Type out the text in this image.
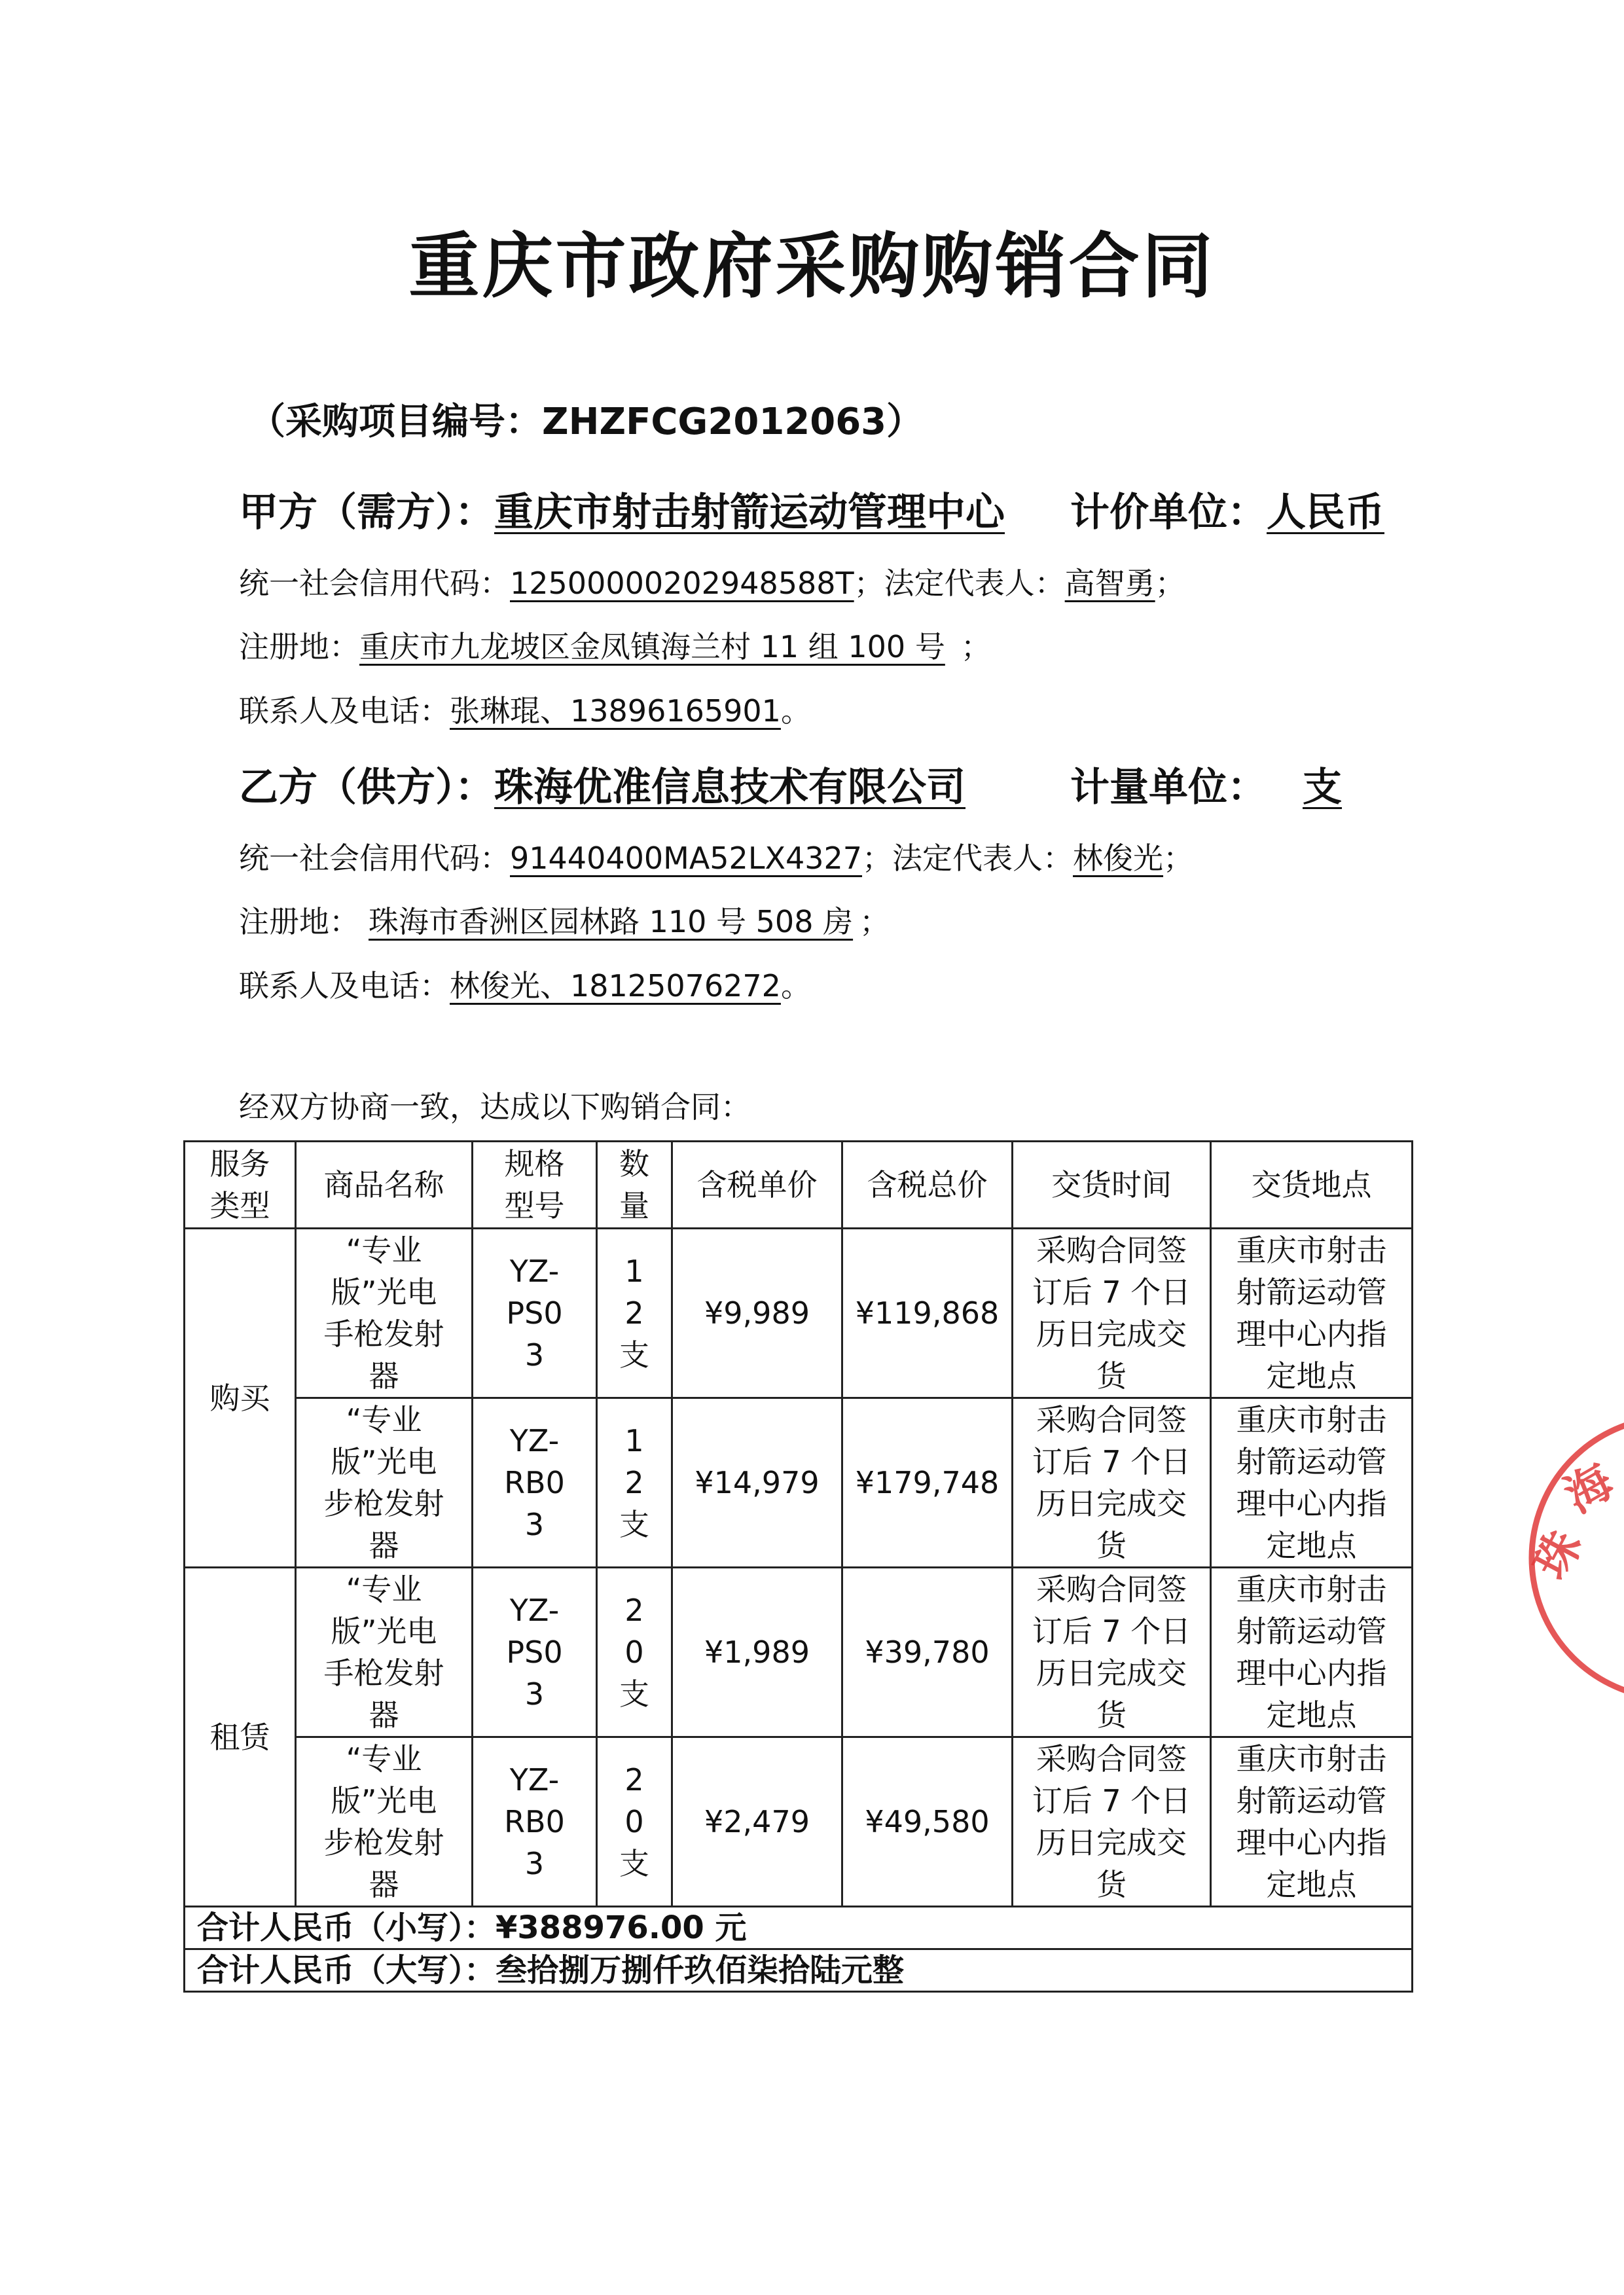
重庆市政府采购购销合同
（采购项目编号：ZHZFCG2012063）
甲方（需方）：重庆市射击射箭运动管理中心 计价单位：人民币
统一社会信用代码：12500000202948588T；法定代表人：高智勇；
注册地：重庆市九龙坡区金凤镇海兰村 11 组 100 号 ；
联系人及电话：张琳琨、13896165901。
乙方（供方）：珠海优准信息技术有限公司	计量单位： 支
统一社会信用代码：91440400MA52LX4327；法定代表人：林俊光；
注册地： 珠海市香洲区园林路 110 号 508 房 ；
联系人及电话：林俊光、18125076272。
经双方协商一致，达成以下购销合同：
服务类型	商品名称	规格型号	数量	含税单价	含税总价	交货时间	交货地点
购买	“专业版”光电手枪发射器	YZ-PS03	12支	¥9,989	¥119,868	采购合同签订后 7 个日历日完成交货	重庆市射击射箭运动管理中心内指定地点
	“专业版”光电步枪发射器	YZ-RB03	12支	¥14,979	¥179,748	采购合同签订后 7 个日历日完成交货	重庆市射击射箭运动管理中心内指定地点
租赁	“专业版”光电手枪发射器	YZ-PS03	20支	¥1,989	¥39,780	采购合同签订后 7 个日历日完成交货	重庆市射击射箭运动管理中心内指定地点
	“专业版”光电步枪发射器	YZ-RB03	20支	¥2,479	¥49,580	采购合同签订后 7 个日历日完成交货	重庆市射击射箭运动管理中心内指定地点
合计人民币（小写）：¥388976.00 元							
合计人民币（大写）：叁拾捌万捌仟玖佰柒拾陆元整							
珠
海
